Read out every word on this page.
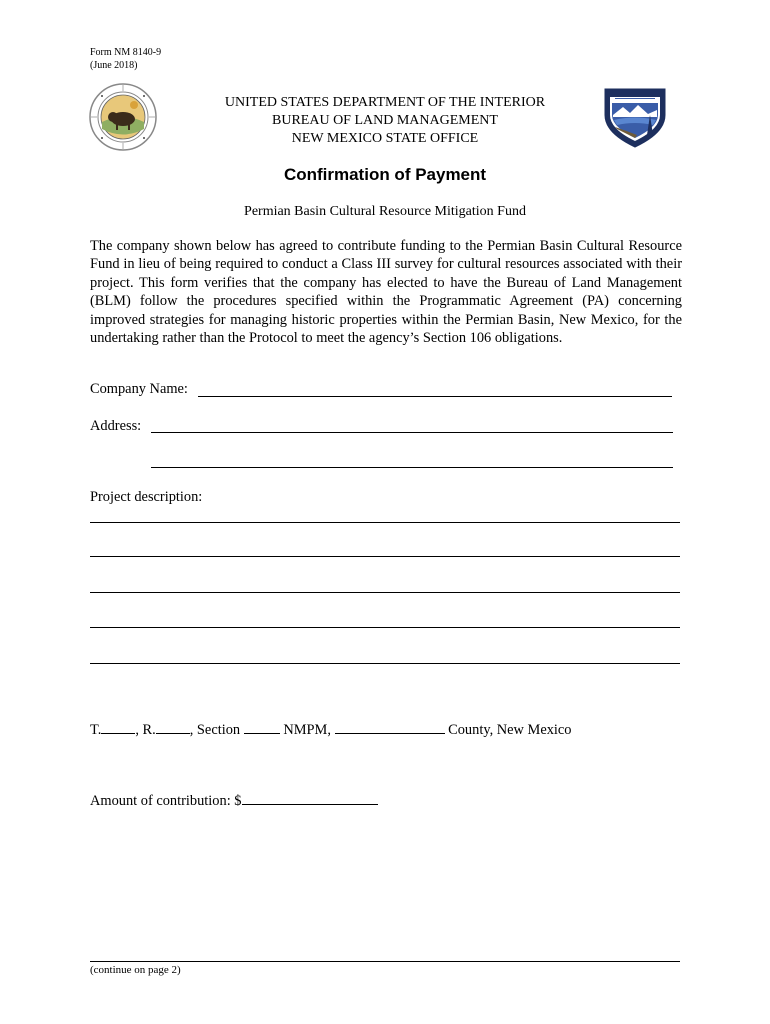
Form NM 8140-9
(June 2018)
UNITED STATES DEPARTMENT OF THE INTERIOR
BUREAU OF LAND MANAGEMENT
NEW MEXICO STATE OFFICE
Confirmation of Payment
Permian Basin Cultural Resource Mitigation Fund
The company shown below has agreed to contribute funding to the Permian Basin Cultural Resource Fund in lieu of being required to conduct a Class III survey for cultural resources associated with their project. This form verifies that the company has elected to have the Bureau of Land Management (BLM) follow the procedures specified within the Programmatic Agreement (PA) concerning improved strategies for managing historic properties within the Permian Basin, New Mexico, for the undertaking rather than the Protocol to meet the agency’s Section 106 obligations.
Company Name:
Address:
Project description:
T. , R. , Section	NMPM,	County, New Mexico
Amount of contribution: $
(continue on page 2)
